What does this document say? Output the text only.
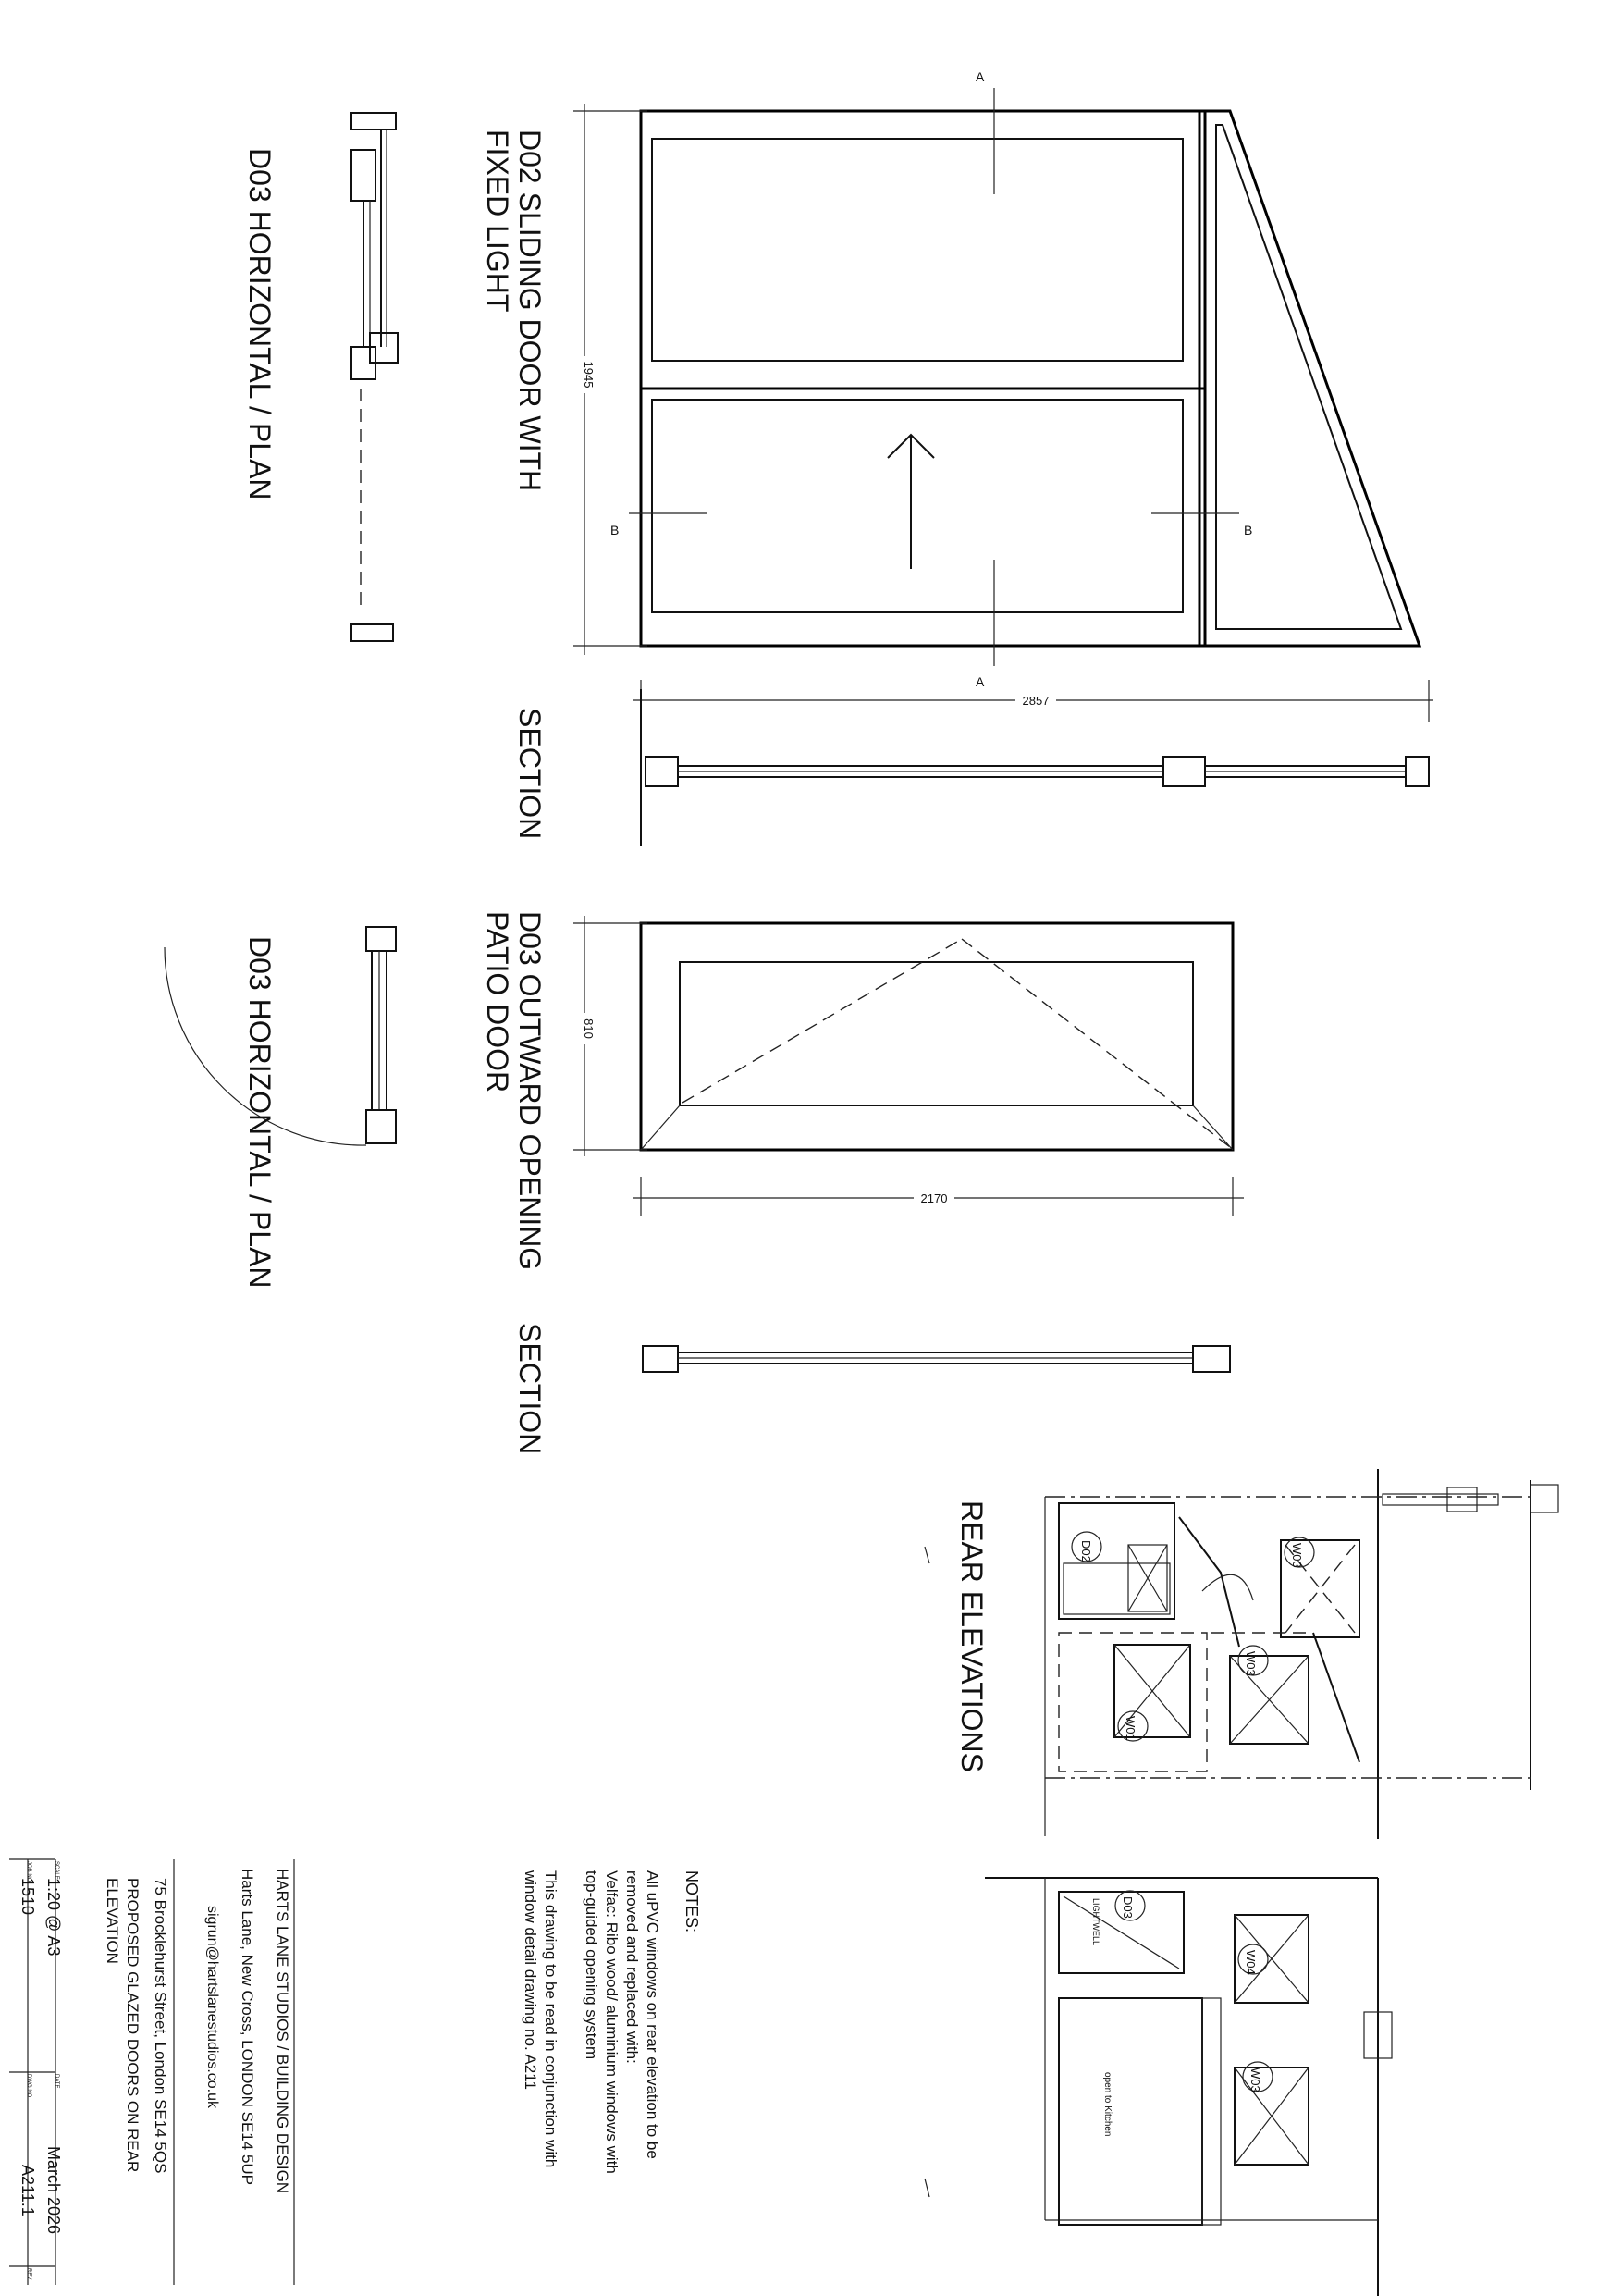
A
A
B	B
1945
2857
D02 SLIDING DOOR WITH
FIXED LIGHT
D03 HORIZONTAL / PLAN
SECTION
810
2170
D03 OUTWARD OPENING
PATIO DOOR
D03 HORIZONTAL / PLAN
SECTION
D02	W03
W01
W03
REAR ELEVATIONS
D03
LIGHTWELL
W04
open to Kitchen	W03
NOTES:
All uPVC windows on rear elevation to be
removed and replaced with:
Velfac: Ribo wood/ aluminium windows with
top-guided opening system
This drawing to be read in conjunction with
window detail drawing no. A211
HARTS LANE STUDIOS / BUILDING DESIGN
Harts Lane, New Cross, LONDON SE14 5UP
sigrun@hartslanestudios.co.uk
75 Brocklehurst Street, London SE14 5QS
PROPOSED GLAZED DOORS ON REAR
ELEVATION
SCALE
1:20 @ A3
JOB NO
1510
DATE
March 2026
DWG NO
A211.1
REV
